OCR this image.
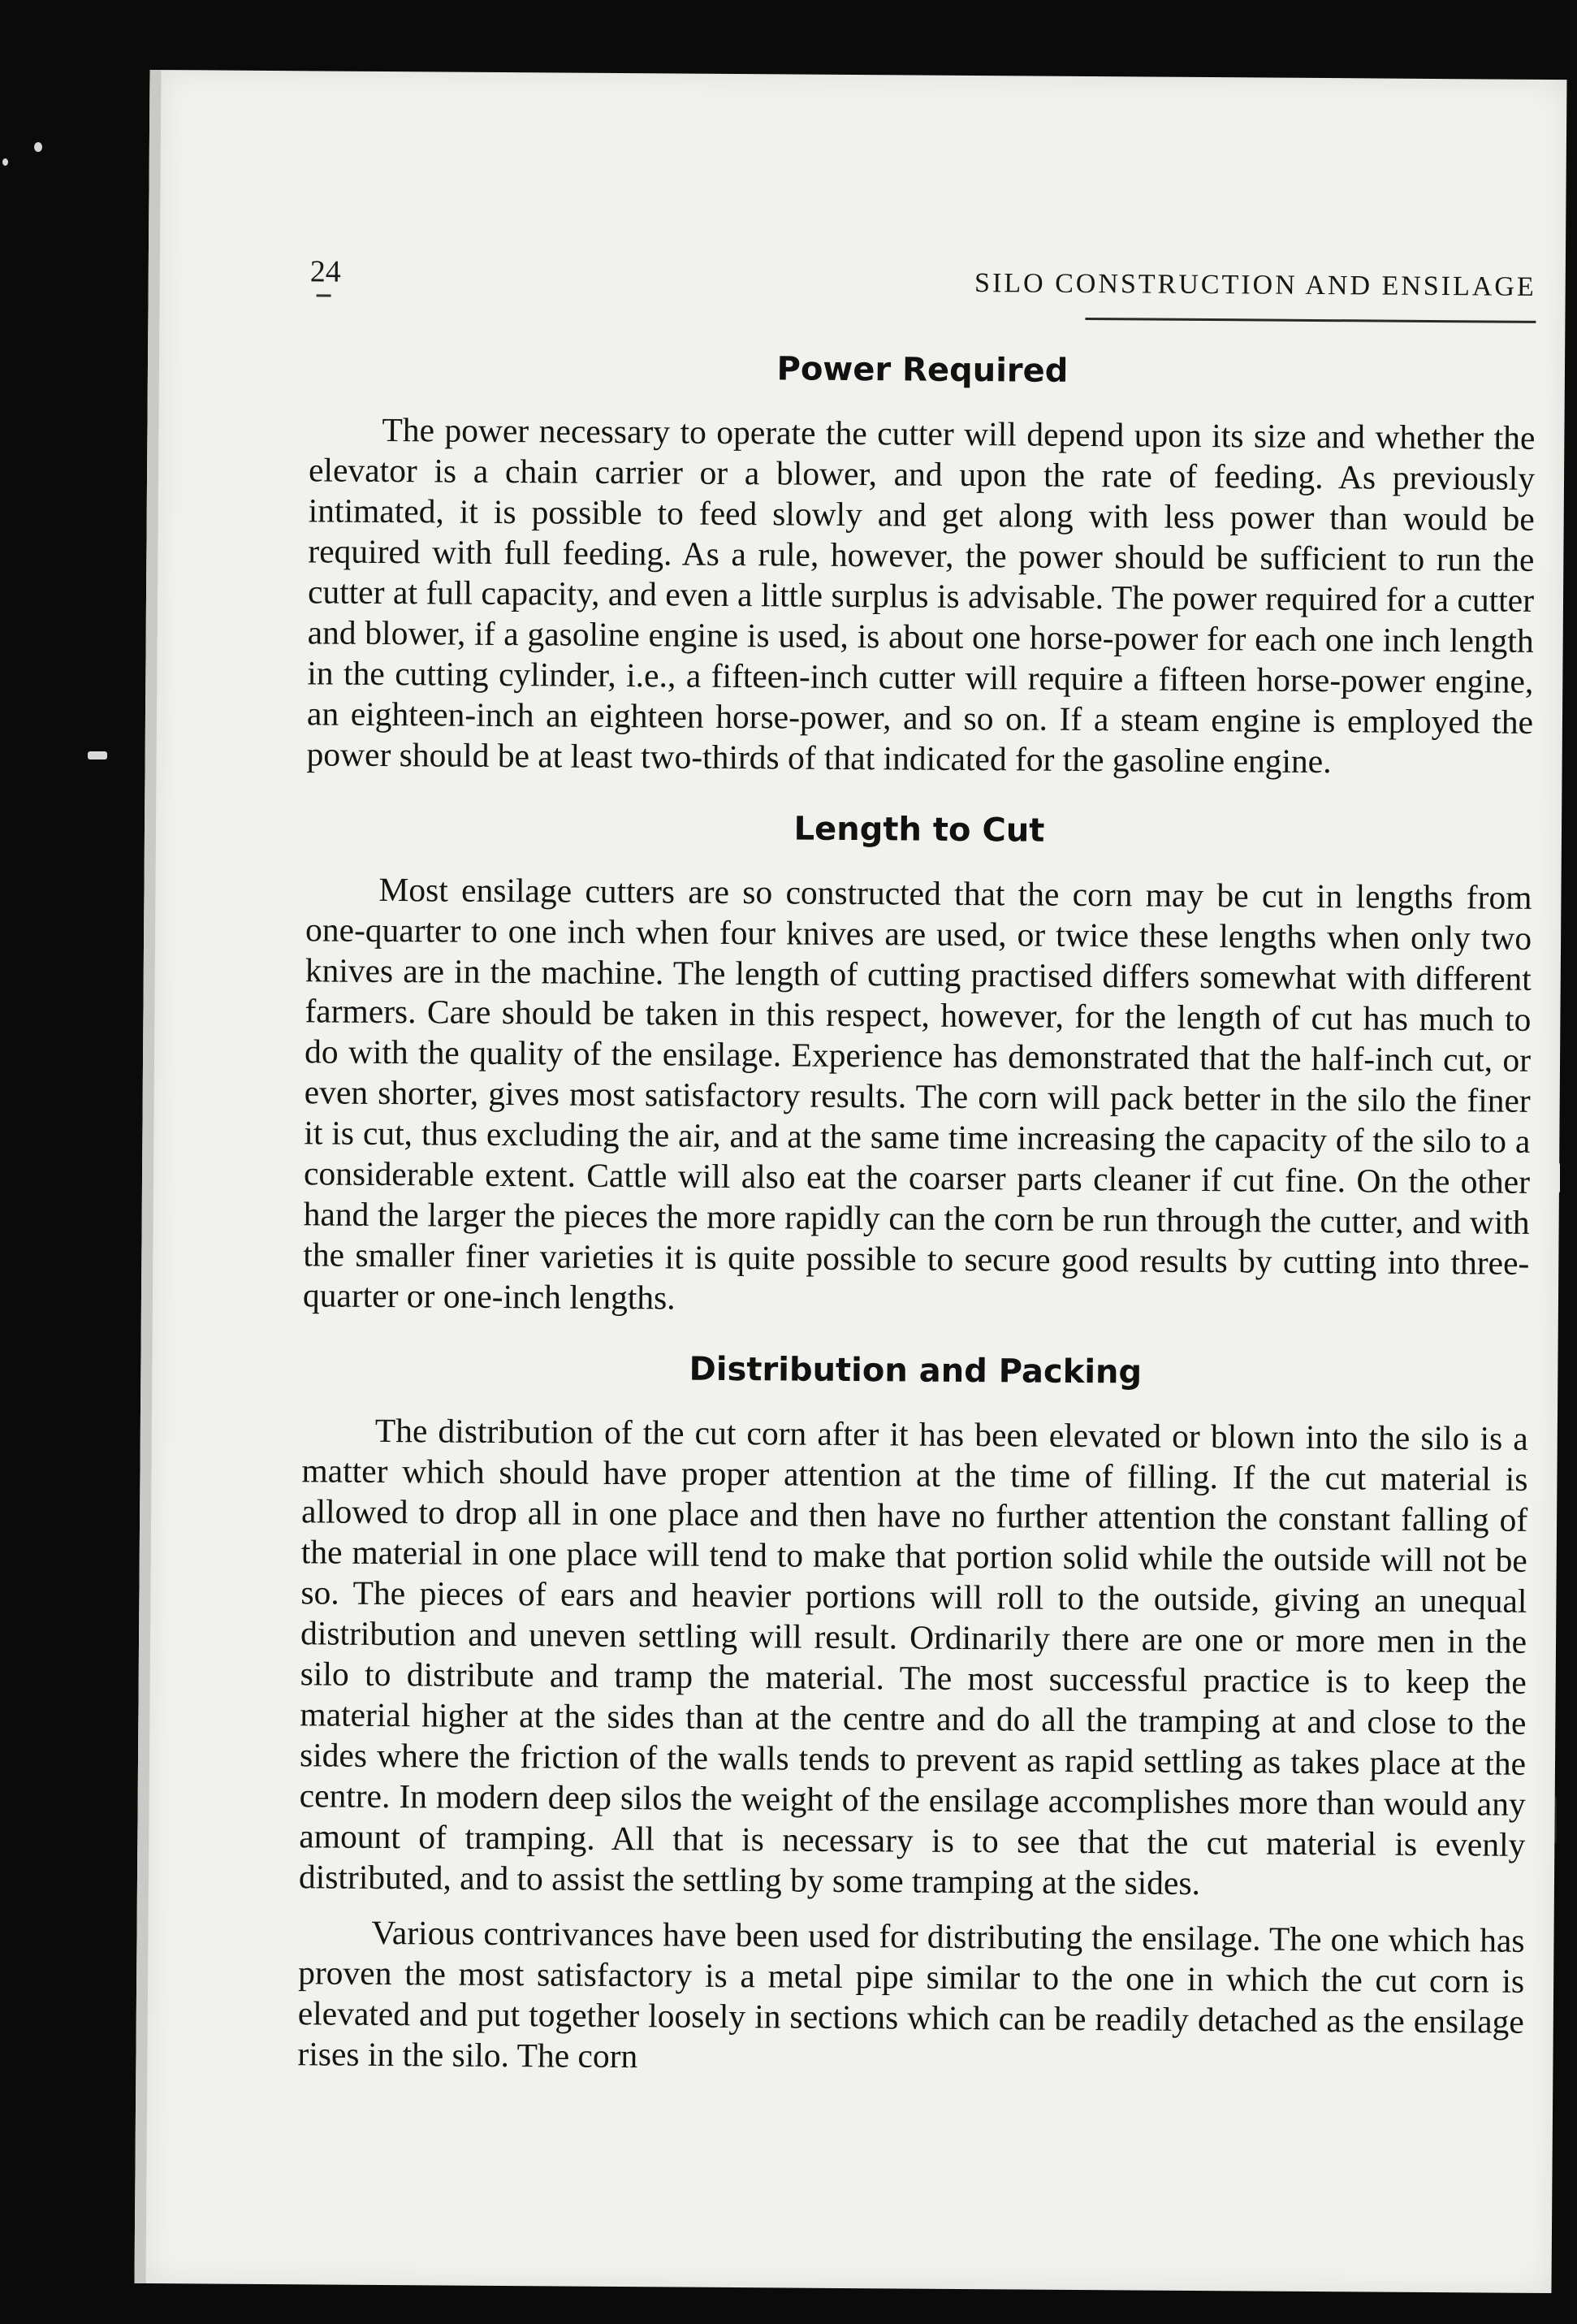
24	SILO CONSTRUCTION AND ENSILAGE
Power Required

The power necessary to operate the cutter will depend upon its size and whether the elevator is a chain carrier or a blower, and upon the rate of feeding. As previously intimated, it is possible to feed slowly and get along with less power than would be required with full feeding. As a rule, however, the power should be sufficient to run the cutter at full capacity, and even a little surplus is advisable. The power required for a cutter and blower, if a gasoline engine is used, is about one horse-power for each one inch length in the cutting cylinder, i.e., a fifteen-inch cutter will require a fifteen horse-power engine, an eighteen-inch an eighteen horse-power, and so on. If a steam engine is employed the power should be at least two-thirds of that indicated for the gasoline engine.

Length to Cut

Most ensilage cutters are so constructed that the corn may be cut in lengths from one-quarter to one inch when four knives are used, or twice these lengths when only two knives are in the machine. The length of cutting practised differs somewhat with different farmers. Care should be taken in this respect, however, for the length of cut has much to do with the quality of the ensilage. Experience has demonstrated that the half-inch cut, or even shorter, gives most satisfactory results. The corn will pack better in the silo the finer it is cut, thus excluding the air, and at the same time increasing the capacity of the silo to a considerable extent. Cattle will also eat the coarser parts cleaner if cut fine. On the other hand the larger the pieces the more rapidly can the corn be run through the cutter, and with the smaller finer varieties it is quite possible to secure good results by cutting into three-quarter or one-inch lengths.

Distribution and Packing

The distribution of the cut corn after it has been elevated or blown into the silo is a matter which should have proper attention at the time of filling. If the cut material is allowed to drop all in one place and then have no further attention the constant falling of the material in one place will tend to make that portion solid while the outside will not be so. The pieces of ears and heavier portions will roll to the outside, giving an unequal distribution and uneven settling will result. Ordinarily there are one or more men in the silo to distribute and tramp the material. The most successful practice is to keep the material higher at the sides than at the centre and do all the tramping at and close to the sides where the friction of the walls tends to prevent as rapid settling as takes place at the centre. In modern deep silos the weight of the ensilage accomplishes more than would any amount of tramping. All that is necessary is to see that the cut material is evenly distributed, and to assist the settling by some tramping at the sides.

Various contrivances have been used for distributing the ensilage. The one which has proven the most satisfactory is a metal pipe similar to the one in which the cut corn is elevated and put together loosely in sections which can be readily detached as the ensilage rises in the silo. The corn
